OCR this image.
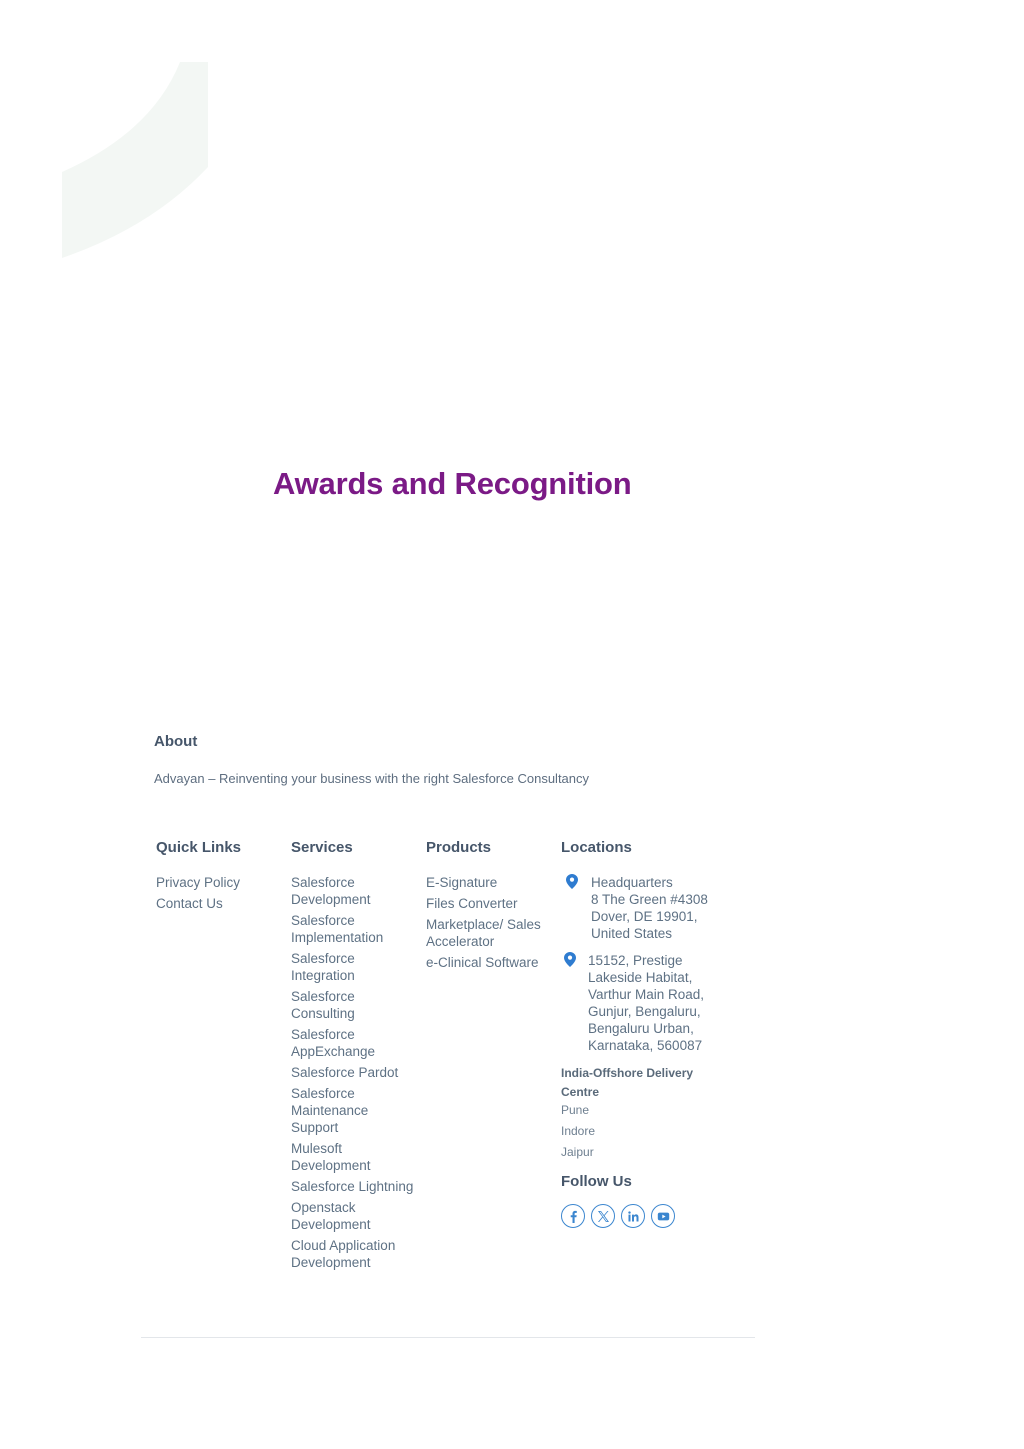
Awards and Recognition
About

Advayan – Reinventing your business with the right Salesforce Consultancy

Quick Links
Privacy Policy
Contact Us
Services
Salesforce Development
Salesforce Implementation
Salesforce Integration
Salesforce Consulting
Salesforce AppExchange
Salesforce Pardot
Salesforce Maintenance Support
Mulesoft Development
Salesforce Lightning
Openstack Development
Cloud Application Development
Products
E-Signature
Files Converter
Marketplace/ Sales Accelerator
e-Clinical Software
Locations
Headquarters
8 The Green #4308
Dover, DE 19901,
United States
15152, Prestige
Lakeside Habitat,
Varthur Main Road,
Gunjur, Bengaluru,
Bengaluru Urban,
Karnataka, 560087
India-Offshore Delivery Centre
Pune
Indore
Jaipur
Follow Us
